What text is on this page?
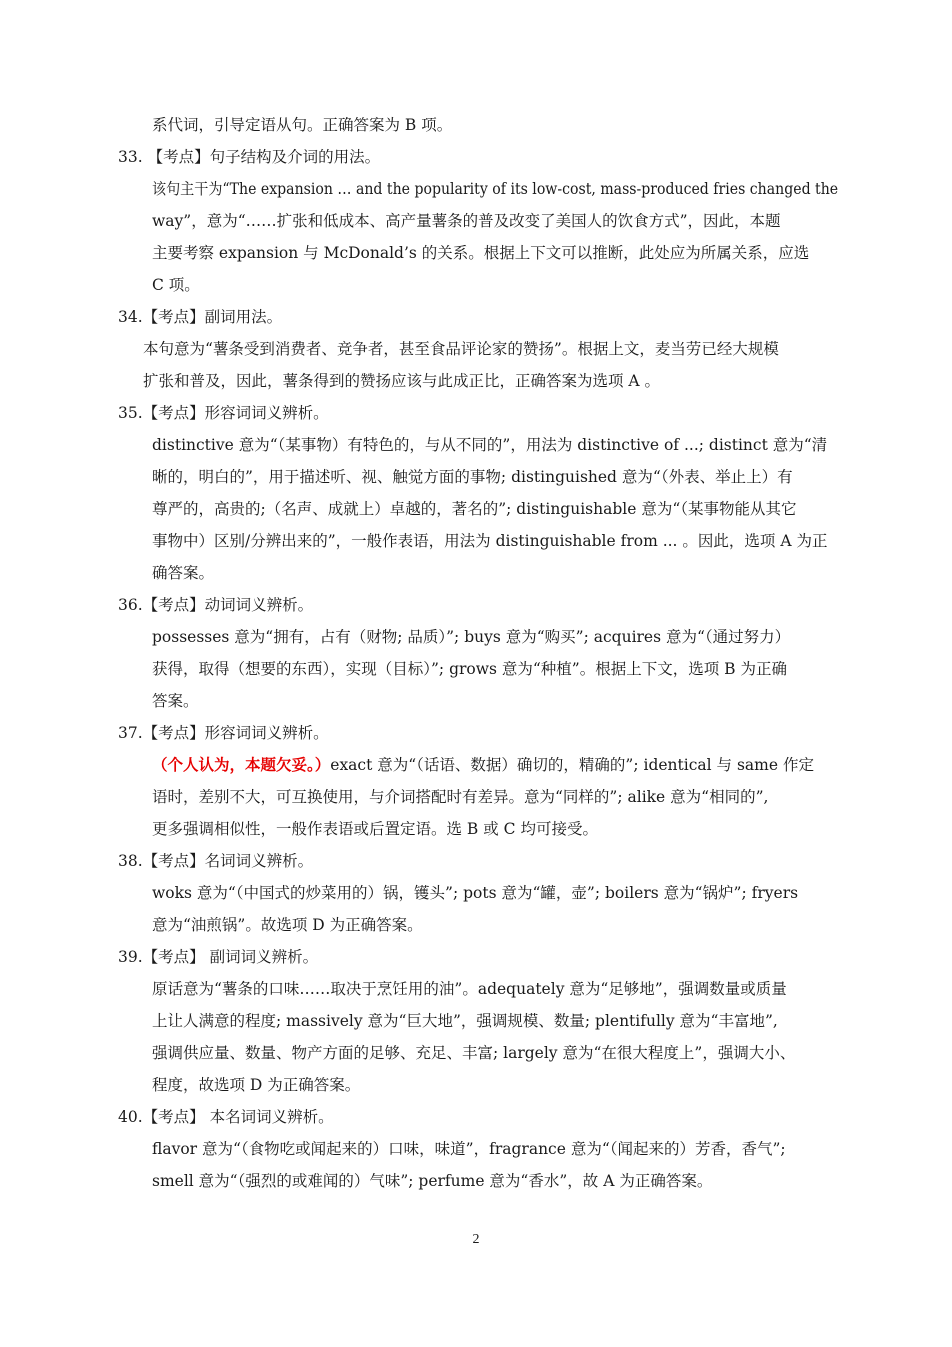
系代词，引导定语从句。正确答案为 B 项。
33. 【考点】句子结构及介词的用法。
该句主干为“The expansion … and the popularity of its low-cost, mass-produced fries changed the
way”，意为“……扩张和低成本、高产量薯条的普及改变了美国人的饮食方式”，因此，本题
主要考察 expansion 与 McDonald’s 的关系。根据上下文可以推断，此处应为所属关系，应选
C 项。
34.【考点】副词用法。
本句意为“薯条受到消费者、竞争者，甚至食品评论家的赞扬”。根据上文，麦当劳已经大规模
扩张和普及，因此，薯条得到的赞扬应该与此成正比，正确答案为选项 A 。
35.【考点】形容词词义辨析。
distinctive 意为“（某事物）有特色的，与从不同的”，用法为 distinctive of ...; distinct 意为“清
晰的，明白的”，用于描述听、视、触觉方面的事物; distinguished 意为“（外表、举止上）有
尊严的，高贵的;（名声、成就上）卓越的，著名的”; distinguishable 意为“（某事物能从其它
事物中）区别/分辨出来的”，一般作表语，用法为 distinguishable from ... 。因此，选项 A 为正
确答案。
36.【考点】动词词义辨析。
possesses 意为“拥有，占有（财物; 品质）”; buys 意为“购买”; acquires 意为“（通过努力）
获得，取得（想要的东西），实现（目标）”; grows 意为“种植”。根据上下文，选项 B 为正确
答案。
37.【考点】形容词词义辨析。
（个人认为，本题欠妥。）exact 意为“（话语、数据）确切的，精确的”; identical 与 same 作定
语时，差别不大，可互换使用，与介词搭配时有差异。意为“同样的”; alike 意为“相同的”,
更多强调相似性，一般作表语或后置定语。选 B 或 C 均可接受。
38.【考点】名词词义辨析。
woks 意为“（中国式的炒菜用的）锅，镬头”; pots 意为“罐，壶”; boilers 意为“锅炉”; fryers
意为“油煎锅”。故选项 D 为正确答案。
39.【考点】 副词词义辨析。
原话意为“薯条的口味……取决于烹饪用的油”。adequately 意为“足够地”，强调数量或质量
上让人满意的程度; massively 意为“巨大地”，强调规模、数量; plentifully 意为“丰富地”,
强调供应量、数量、物产方面的足够、充足、丰富; largely 意为“在很大程度上”，强调大小、
程度，故选项 D 为正确答案。
40.【考点】 本名词词义辨析。
flavor 意为“（食物吃或闻起来的）口味，味道”，fragrance 意为“（闻起来的）芳香，香气”;
smell 意为“（强烈的或难闻的）气味”; perfume 意为“香水”，故 A 为正确答案。
2
